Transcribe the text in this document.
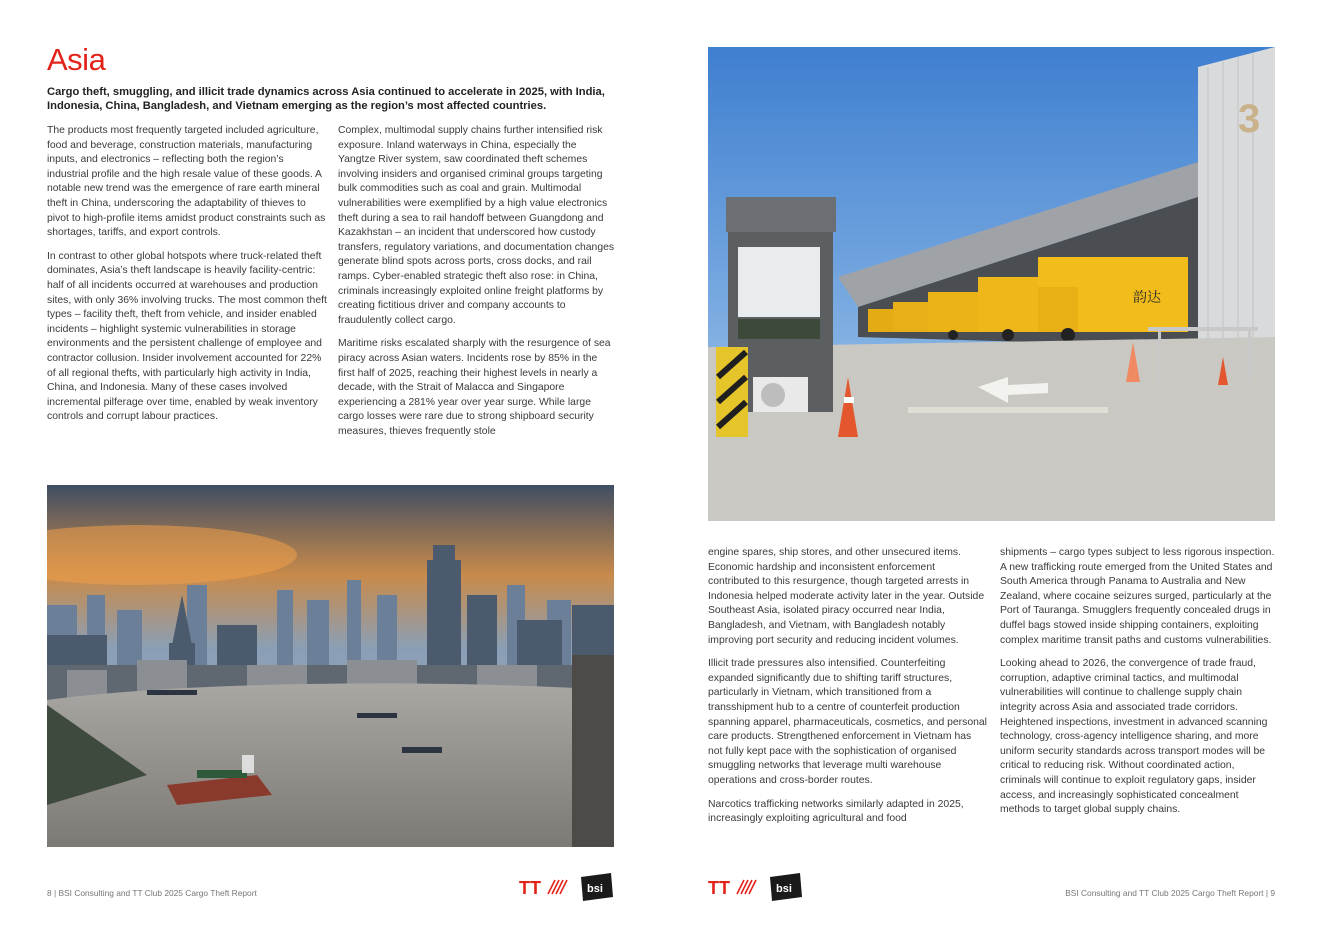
Asia

Cargo theft, smuggling, and illicit trade dynamics across Asia continued to accelerate in 2025, with India, Indonesia, China, Bangladesh, and Vietnam emerging as the region’s most affected countries.

The products most frequently targeted included agriculture, food and beverage, construction materials, manufacturing inputs, and electronics – reflecting both the region’s industrial profile and the high resale value of these goods. A notable new trend was the emergence of rare earth mineral theft in China, underscoring the adaptability of thieves to pivot to high-profile items amidst product constraints such as shortages, tariffs, and export controls.

In contrast to other global hotspots where truck-related theft dominates, Asia’s theft landscape is heavily facility-centric: half of all incidents occurred at warehouses and production sites, with only 36% involving trucks. The most common theft types – facility theft, theft from vehicle, and insider enabled incidents – highlight systemic vulnerabilities in storage environments and the persistent challenge of employee and contractor collusion. Insider involvement accounted for 22% of all regional thefts, with particularly high activity in India, China, and Indonesia. Many of these cases involved incremental pilferage over time, enabled by weak inventory controls and corrupt labour practices.

Complex, multimodal supply chains further intensified risk exposure. Inland waterways in China, especially the Yangtze River system, saw coordinated theft schemes involving insiders and organised criminal groups targeting bulk commodities such as coal and grain. Multimodal vulnerabilities were exemplified by a high value electronics theft during a sea to rail handoff between Guangdong and Kazakhstan – an incident that underscored how custody transfers, regulatory variations, and documentation changes generate blind spots across ports, cross docks, and rail ramps. Cyber-enabled strategic theft also rose: in China, criminals increasingly exploited online freight platforms by creating fictitious driver and company accounts to fraudulently collect cargo.

Maritime risks escalated sharply with the resurgence of sea piracy across Asian waters. Incidents rose by 85% in the first half of 2025, reaching their highest levels in nearly a decade, with the Strait of Malacca and Singapore experiencing a 281% year over year surge. While large cargo losses were rare due to strong shipboard security measures, thieves frequently stole

8 | BSI Consulting and TT Club 2025 Cargo Theft Report	TT	bsi
3
韵达

engine spares, ship stores, and other unsecured items. Economic hardship and inconsistent enforcement contributed to this resurgence, though targeted arrests in Indonesia helped moderate activity later in the year. Outside Southeast Asia, isolated piracy occurred near India, Bangladesh, and Vietnam, with Bangladesh notably improving port security and reducing incident volumes.

Illicit trade pressures also intensified. Counterfeiting expanded significantly due to shifting tariff structures, particularly in Vietnam, which transitioned from a transshipment hub to a centre of counterfeit production spanning apparel, pharmaceuticals, cosmetics, and personal care products. Strengthened enforcement in Vietnam has not fully kept pace with the sophistication of organised smuggling networks that leverage multi warehouse operations and cross-border routes.

Narcotics trafficking networks similarly adapted in 2025, increasingly exploiting agricultural and food

shipments – cargo types subject to less rigorous inspection. A new trafficking route emerged from the United States and South America through Panama to Australia and New Zealand, where cocaine seizures surged, particularly at the Port of Tauranga. Smugglers frequently concealed drugs in duffel bags stowed inside shipping containers, exploiting complex maritime transit paths and customs vulnerabilities.

Looking ahead to 2026, the convergence of trade fraud, corruption, adaptive criminal tactics, and multimodal vulnerabilities will continue to challenge supply chain integrity across Asia and associated trade corridors. Heightened inspections, investment in advanced scanning technology, cross-agency intelligence sharing, and more uniform security standards across transport modes will be critical to reducing risk. Without coordinated action, criminals will continue to exploit regulatory gaps, insider access, and increasingly sophisticated concealment methods to target global supply chains.

TT	bsi	BSI Consulting and TT Club 2025 Cargo Theft Report | 9
